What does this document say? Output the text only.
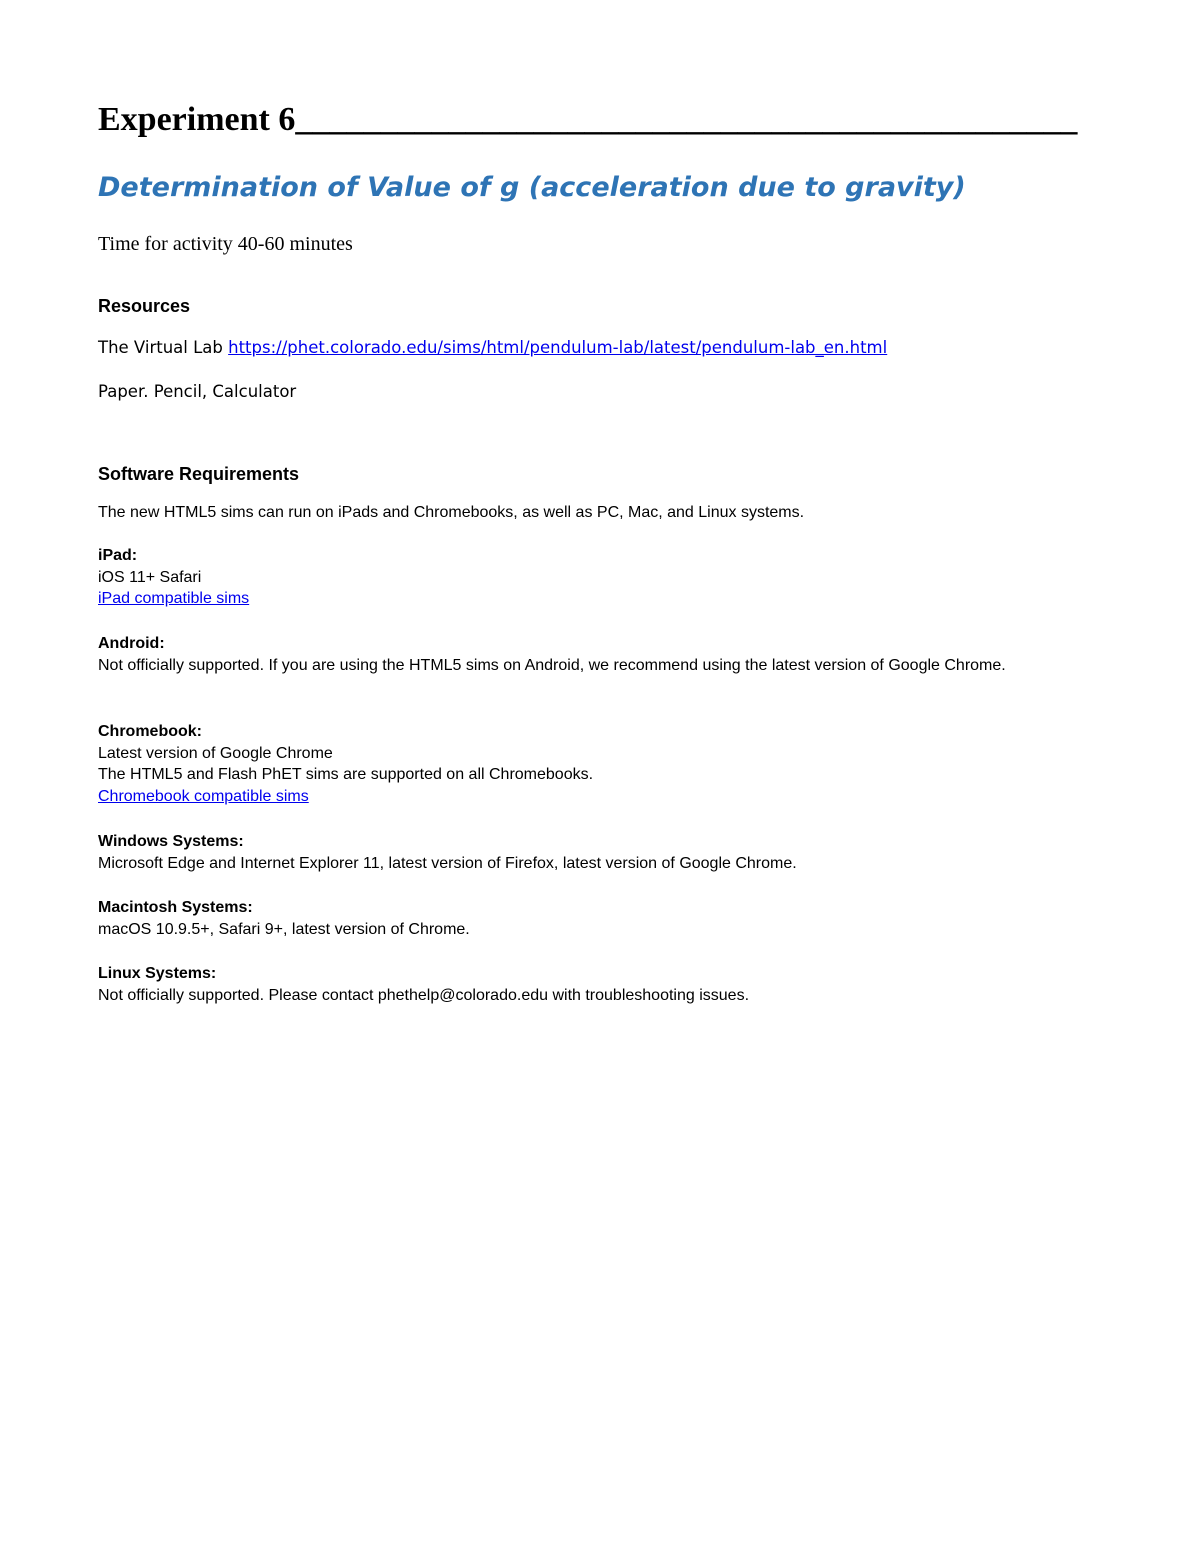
Experiment 6______________________________________________
Determination of Value of g (acceleration due to gravity)
Time for activity 40-60 minutes
Resources
The Virtual Lab https://phet.colorado.edu/sims/html/pendulum-lab/latest/pendulum-lab_en.html
Paper. Pencil, Calculator
Software Requirements
The new HTML5 sims can run on iPads and Chromebooks, as well as PC, Mac, and Linux systems.
iPad:
iOS 11+ Safari
iPad compatible sims
Android:
Not officially supported. If you are using the HTML5 sims on Android, we recommend using the latest version of Google Chrome.
Chromebook:
Latest version of Google Chrome
The HTML5 and Flash PhET sims are supported on all Chromebooks.
Chromebook compatible sims
Windows Systems:
Microsoft Edge and Internet Explorer 11, latest version of Firefox, latest version of Google Chrome.
Macintosh Systems:
macOS 10.9.5+, Safari 9+, latest version of Chrome.
Linux Systems:
Not officially supported. Please contact phethelp@colorado.edu with troubleshooting issues.
